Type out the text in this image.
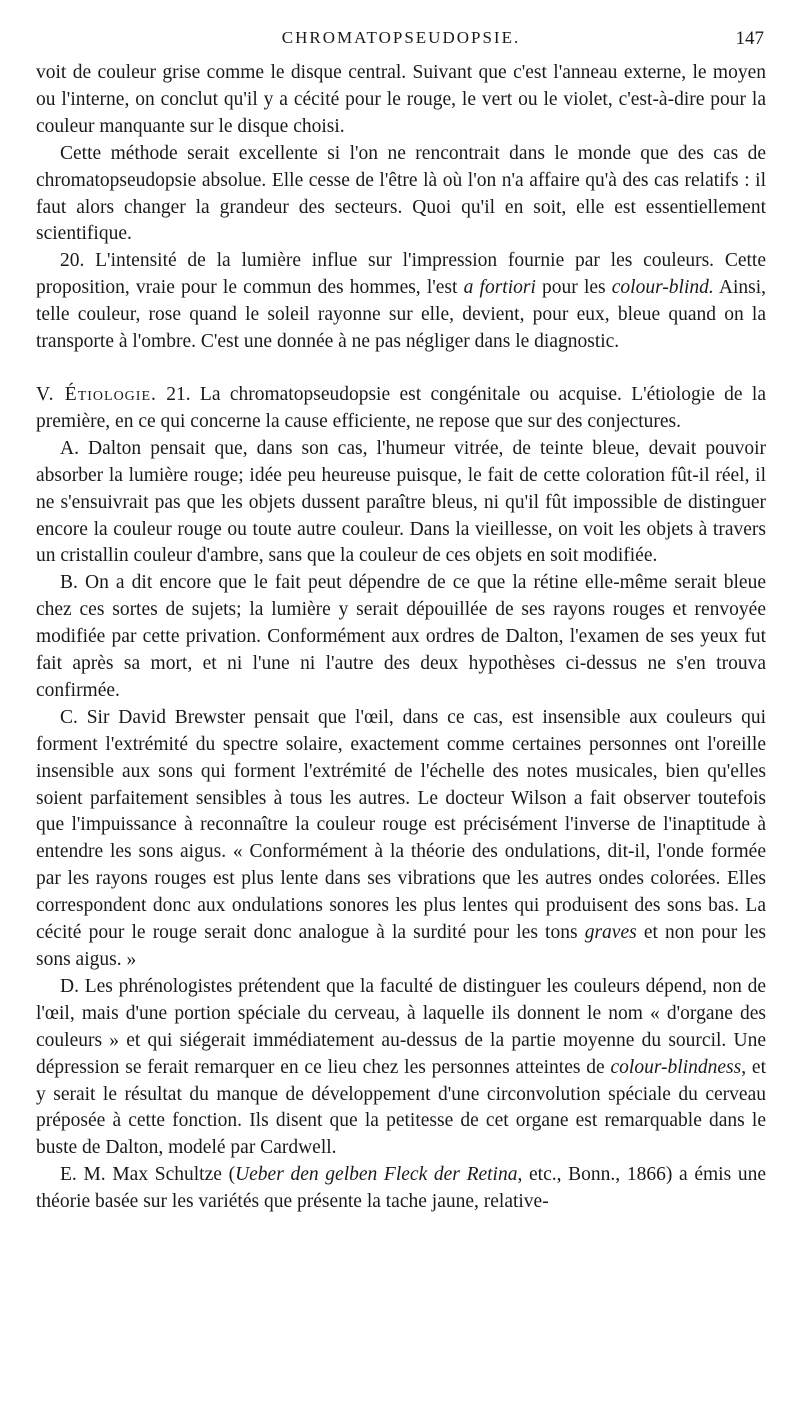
CHROMATOPSEUDOPSIE.	147

voit de couleur grise comme le disque central. Suivant que c'est l'anneau externe, le moyen ou l'interne, on conclut qu'il y a cécité pour le rouge, le vert ou le violet, c'est-à-dire pour la couleur manquante sur le disque choisi.

Cette méthode serait excellente si l'on ne rencontrait dans le monde que des cas de chromatopseudopsie absolue. Elle cesse de l'être là où l'on n'a affaire qu'à des cas relatifs : il faut alors changer la grandeur des secteurs. Quoi qu'il en soit, elle est essentiellement scientifique.

20. L'intensité de la lumière influe sur l'impression fournie par les couleurs. Cette proposition, vraie pour le commun des hommes, l'est a fortiori pour les colour-blind. Ainsi, telle couleur, rose quand le soleil rayonne sur elle, devient, pour eux, bleue quand on la transporte à l'ombre. C'est une donnée à ne pas négliger dans le diagnostic.

V. Étiologie. 21. La chromatopseudopsie est congénitale ou acquise. L'étiologie de la première, en ce qui concerne la cause efficiente, ne repose que sur des conjectures.

A. Dalton pensait que, dans son cas, l'humeur vitrée, de teinte bleue, devait pouvoir absorber la lumière rouge; idée peu heureuse puisque, le fait de cette coloration fût-il réel, il ne s'ensuivrait pas que les objets dussent paraître bleus, ni qu'il fût impossible de distinguer encore la couleur rouge ou toute autre couleur. Dans la vieillesse, on voit les objets à travers un cristallin couleur d'ambre, sans que la couleur de ces objets en soit modifiée.

B. On a dit encore que le fait peut dépendre de ce que la rétine elle-même serait bleue chez ces sortes de sujets; la lumière y serait dépouillée de ses rayons rouges et renvoyée modifiée par cette privation. Conformément aux ordres de Dalton, l'examen de ses yeux fut fait après sa mort, et ni l'une ni l'autre des deux hypothèses ci-dessus ne s'en trouva confirmée.

C. Sir David Brewster pensait que l'œil, dans ce cas, est insensible aux couleurs qui forment l'extrémité du spectre solaire, exactement comme certaines personnes ont l'oreille insensible aux sons qui forment l'extrémité de l'échelle des notes musicales, bien qu'elles soient parfaitement sensibles à tous les autres. Le docteur Wilson a fait observer toutefois que l'impuissance à reconnaître la couleur rouge est précisément l'inverse de l'inaptitude à entendre les sons aigus. « Conformément à la théorie des ondulations, dit-il, l'onde formée par les rayons rouges est plus lente dans ses vibrations que les autres ondes colorées. Elles correspondent donc aux ondulations sonores les plus lentes qui produisent des sons bas. La cécité pour le rouge serait donc analogue à la surdité pour les tons graves et non pour les sons aigus. »

D. Les phrénologistes prétendent que la faculté de distinguer les couleurs dépend, non de l'œil, mais d'une portion spéciale du cerveau, à laquelle ils donnent le nom « d'organe des couleurs » et qui siégerait immédiatement au-dessus de la partie moyenne du sourcil. Une dépression se ferait remarquer en ce lieu chez les personnes atteintes de colour-blindness, et y serait le résultat du manque de développement d'une circonvolution spéciale du cerveau préposée à cette fonction. Ils disent que la petitesse de cet organe est remarquable dans le buste de Dalton, modelé par Cardwell.

E. M. Max Schultze (Ueber den gelben Fleck der Retina, etc., Bonn., 1866) a émis une théorie basée sur les variétés que présente la tache jaune, relative-
